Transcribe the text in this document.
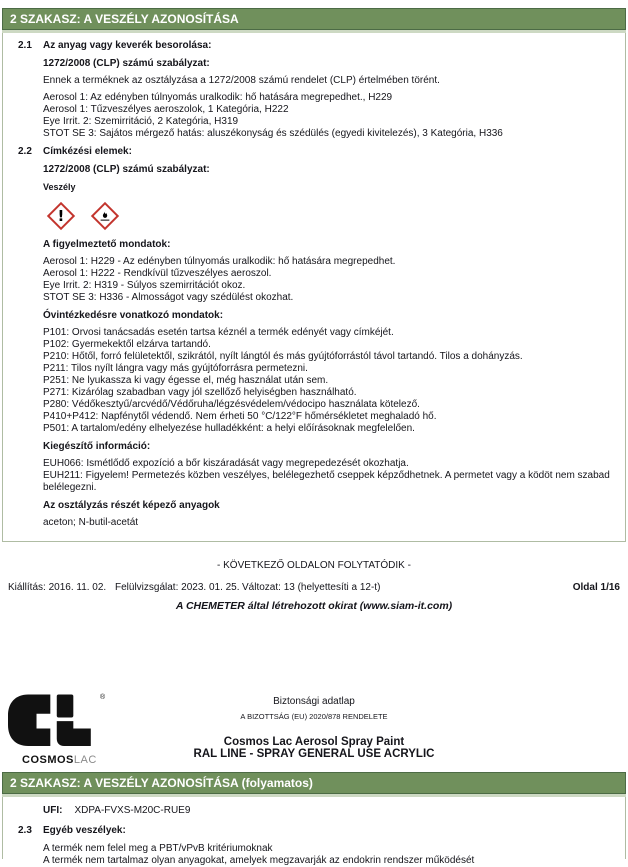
2 SZAKASZ: A VESZÉLY AZONOSÍTÁSA
2.1	Az anyag vagy keverék besorolása:
1272/2008 (CLP) számú szabályzat:
Ennek a terméknek az osztályzása a 1272/2008 számú rendelet (CLP) értelmében törént.
Aerosol 1: Az edényben túlnyomás uralkodik: hő hatására megrepedhet., H229
Aerosol 1: Tűzveszélyes aeroszolok, 1 Kategória, H222
Eye Irrit. 2: Szemirritáció, 2 Kategória, H319
STOT SE 3: Sajátos mérgező hatás: aluszékonyság és szédülés (egyedi kivitelezés), 3 Kategória, H336
2.2	Címkézési elemek:
1272/2008 (CLP) számú szabályzat:
Veszély
!
A figyelmeztető mondatok:
Aerosol 1: H229 - Az edényben túlnyomás uralkodik: hő hatására megrepedhet.
Aerosol 1: H222 - Rendkívül tűzveszélyes aeroszol.
Eye Irrit. 2: H319 - Súlyos szemirritációt okoz.
STOT SE 3: H336 - Almosságot vagy szédülést okozhat.
Óvintézkedésre vonatkozó mondatok:
P101: Orvosi tanácsadás esetén tartsa kéznél a termék edényét vagy címkéjét.
P102: Gyermekektől elzárva tartandó.
P210: Hőtől, forró felületektől, szikrától, nyílt lángtól és más gyújtóforrástól távol tartandó. Tilos a dohányzás.
P211: Tilos nyílt lángra vagy más gyújtóforrásra permetezni.
P251: Ne lyukassza ki vagy égesse el, még használat után sem.
P271: Kizárólag szabadban vagy jól szellőző helyiségben használható.
P280: Védőkesztyű/arcvédő/Védőruha/légzésvédelem/védocipo használata kötelező.
P410+P412: Napfénytől védendő. Nem érheti 50 °C/122°F hőmérsékletet meghaladó hő.
P501: A tartalom/edény elhelyezése hulladékként: a helyi előírásoknak megfelelően.
Kiegészítő információ:
EUH066: Ismétlődő expozíció a bőr kiszáradását vagy megrepedezését okozhatja.
EUH211: Figyelem! Permetezés közben veszélyes, belélegezhető cseppek képződhetnek. A permetet vagy a ködöt nem szabad belélegezni.
Az osztályzás részét képező anyagok
aceton; N-butil-acetát
- KÖVETKEZŐ OLDALON FOLYTATÓDIK -
Kiállítás: 2016. 11. 02. Felülvizsgálat: 2023. 01. 25. Változat: 13 (helyettesíti a 12-t)	Oldal 1/16
A CHEMETER által létrehozott okirat (www.siam-it.com)
COSMOSLAC
®	Biztonsági adatlap
A BIZOTTSÁG (EU) 2020/878 RENDELETE
Cosmos Lac Aerosol Spray Paint
RAL LINE - SPRAY GENERAL USE ACRYLIC
2 SZAKASZ: A VESZÉLY AZONOSÍTÁSA (folyamatos)
UFI: XDPA-FVXS-M20C-RUE9
2.3	Egyéb veszélyek:
A termék nem felel meg a PBT/vPvB kritériumoknak
A termék nem tartalmaz olyan anyagokat, amelyek megzavarják az endokrin rendszer működését
